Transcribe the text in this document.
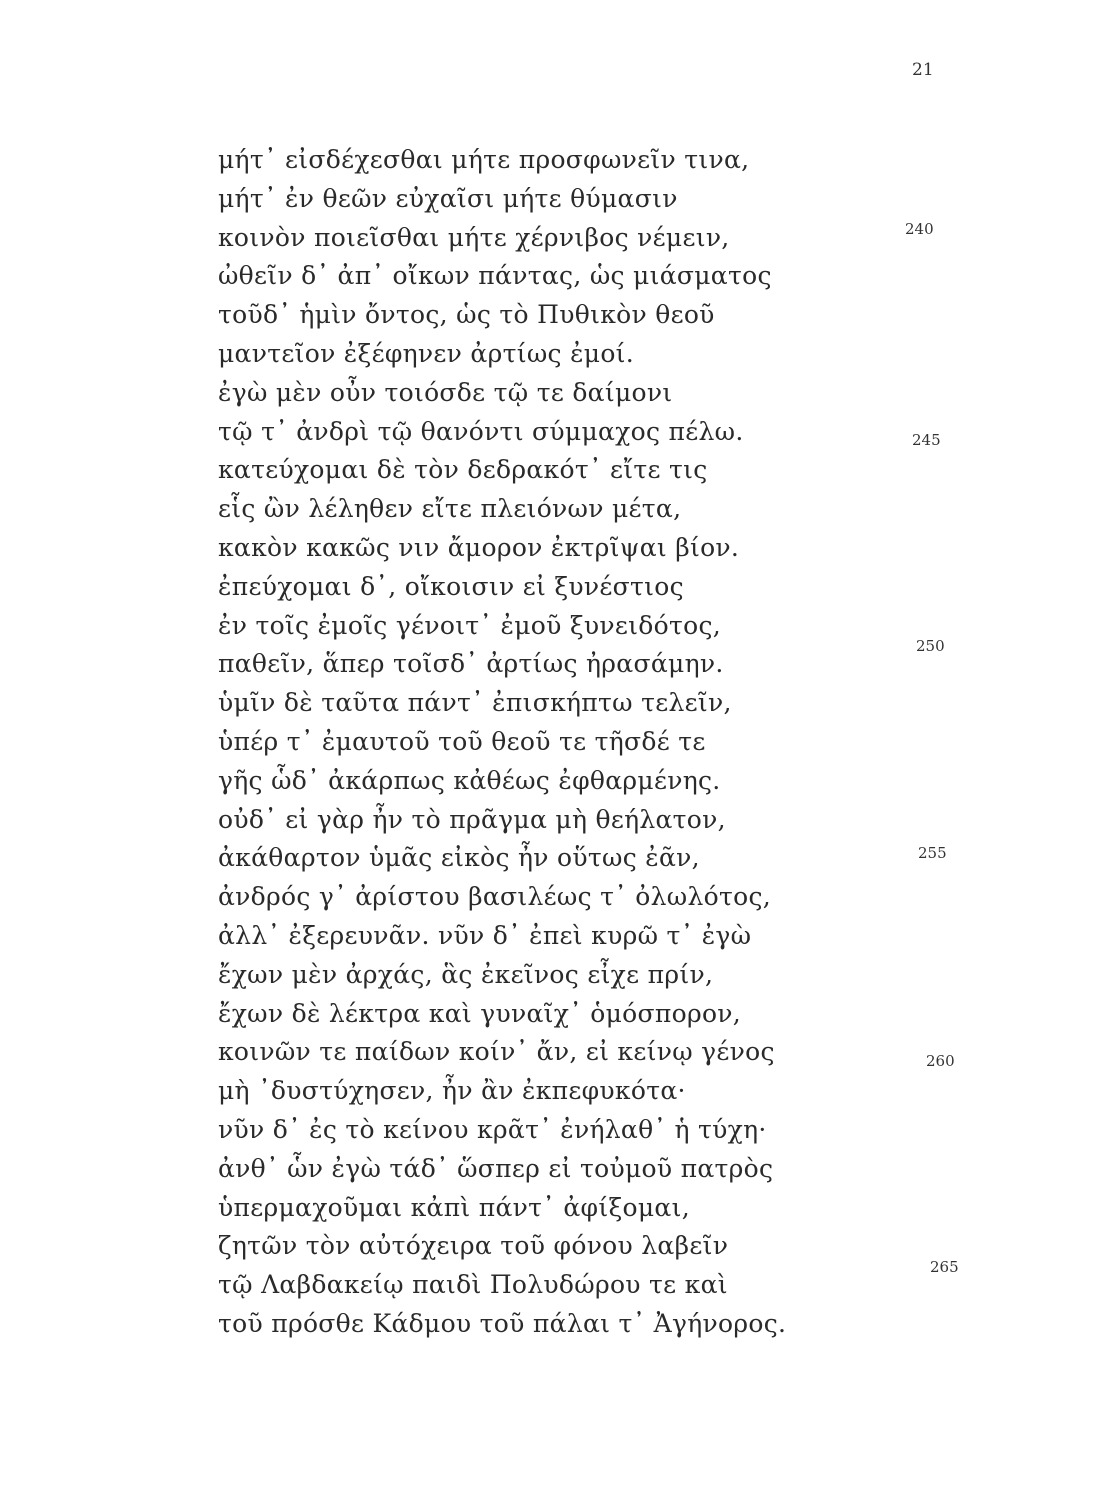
21
μήτ᾽ εἰσδέχεσθαι μήτε προσφωνεῖν τινα,
μήτ᾽ ἐν θεῶν εὐχαῖσι μήτε θύμασιν
κοινὸν ποιεῖσθαι μήτε χέρνιβος νέμειν,
ὠθεῖν δ᾽ ἀπ᾽ οἴκων πάντας, ὡς μιάσματος
τοῦδ᾽ ἡμὶν ὄντος, ὡς τὸ Πυθικὸν θεοῦ
μαντεῖον ἐξέφηνεν ἀρτίως ἐμοί.
ἐγὼ μὲν οὖν τοιόσδε τῷ τε δαίμονι
τῷ τ᾽ ἀνδρὶ τῷ θανόντι σύμμαχος πέλω.
κατεύχομαι δὲ τὸν δεδρακότ᾽ εἴτε τις
εἷς ὢν λέληθεν εἴτε πλειόνων μέτα,
κακὸν κακῶς νιν ἄμορον ἐκτρῖψαι βίον.
ἐπεύχομαι δ᾽, οἴκοισιν εἰ ξυνέστιος
ἐν τοῖς ἐμοῖς γένοιτ᾽ ἐμοῦ ξυνειδότος,
παθεῖν, ἅπερ τοῖσδ᾽ ἀρτίως ἠρασάμην.
ὑμῖν δὲ ταῦτα πάντ᾽ ἐπισκήπτω τελεῖν,
ὑπέρ τ᾽ ἐμαυτοῦ τοῦ θεοῦ τε τῆσδέ τε
γῆς ὧδ᾽ ἀκάρπως κἀθέως ἐφθαρμένης.
οὐδ᾽ εἰ γὰρ ἦν τὸ πρᾶγμα μὴ θεήλατον,
ἀκάθαρτον ὑμᾶς εἰκὸς ἦν οὕτως ἐᾶν,
ἀνδρός γ᾽ ἀρίστου βασιλέως τ᾽ ὀλωλότος,
ἀλλ᾽ ἐξερευνᾶν. νῦν δ᾽ ἐπεὶ κυρῶ τ᾽ ἐγὼ
ἔχων μὲν ἀρχάς, ἃς ἐκεῖνος εἶχε πρίν,
ἔχων δὲ λέκτρα καὶ γυναῖχ᾽ ὁμόσπορον,
κοινῶν τε παίδων κοίν᾽ ἄν, εἰ κείνῳ γένος
μὴ ᾽δυστύχησεν, ἦν ἂν ἐκπεφυκότα·
νῦν δ᾽ ἐς τὸ κείνου κρᾶτ᾽ ἐνήλαθ᾽ ἡ τύχη·
ἀνθ᾽ ὧν ἐγὼ τάδ᾽ ὥσπερ εἰ τοὐμοῦ πατρὸς
ὑπερμαχοῦμαι κἀπὶ πάντ᾽ ἀφίξομαι,
ζητῶν τὸν αὐτόχειρα τοῦ φόνου λαβεῖν
τῷ Λαβδακείῳ παιδὶ Πολυδώρου τε καὶ
τοῦ πρόσθε Κάδμου τοῦ πάλαι τ᾽ Ἀγήνορος.
240
245
250
255
260
265
